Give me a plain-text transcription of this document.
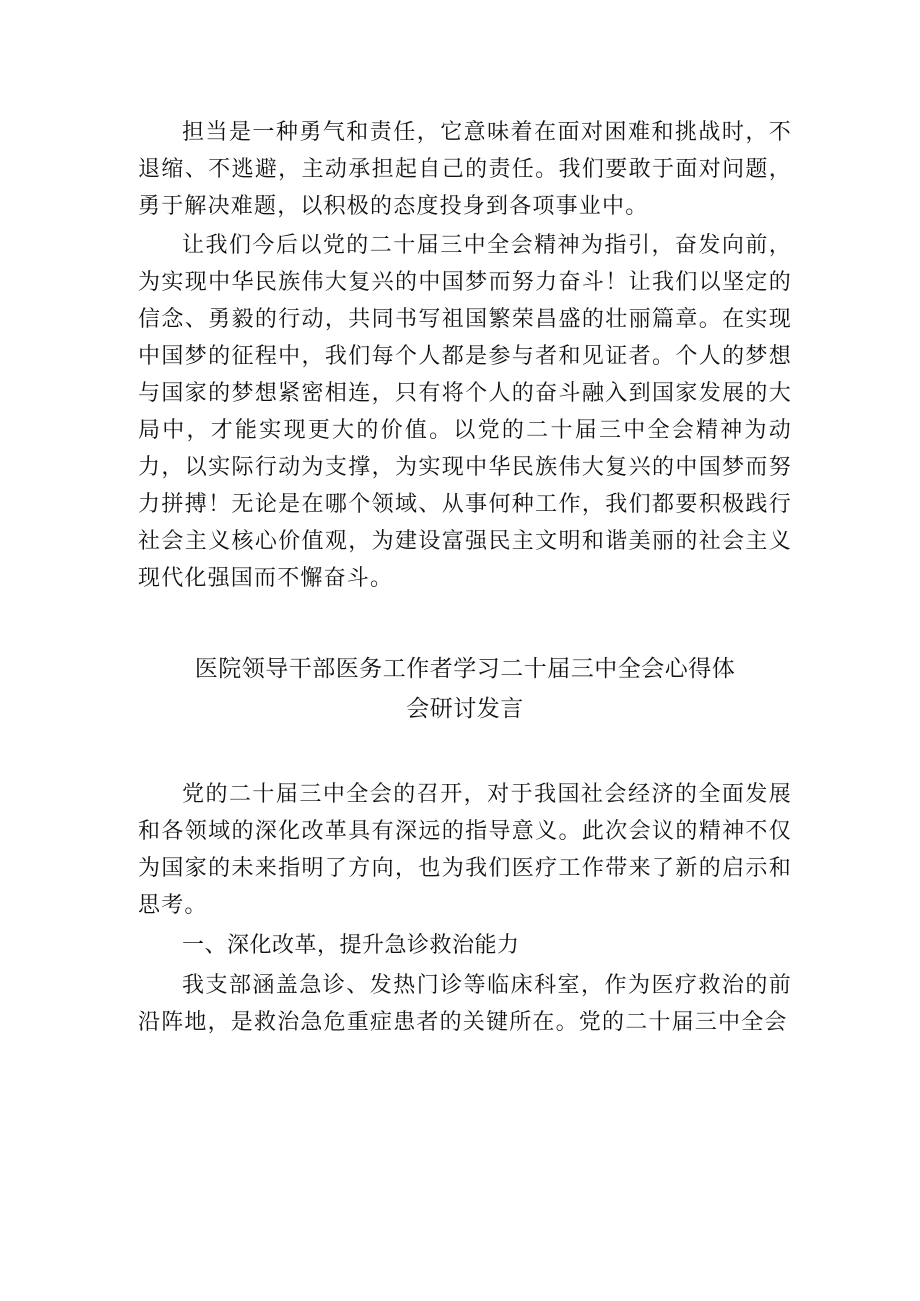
担当是一种勇气和责任，它意味着在面对困难和挑战时，不退缩、不逃避，主动承担起自己的责任。我们要敢于面对问题，勇于解决难题，以积极的态度投身到各项事业中。

让我们今后以党的二十届三中全会精神为指引，奋发向前，为实现中华民族伟大复兴的中国梦而努力奋斗！让我们以坚定的信念、勇毅的行动，共同书写祖国繁荣昌盛的壮丽篇章。在实现中国梦的征程中，我们每个人都是参与者和见证者。个人的梦想与国家的梦想紧密相连，只有将个人的奋斗融入到国家发展的大局中，才能实现更大的价值。以党的二十届三中全会精神为动力，以实际行动为支撑，为实现中华民族伟大复兴的中国梦而努力拼搏！无论是在哪个领域、从事何种工作，我们都要积极践行社会主义核心价值观，为建设富强民主文明和谐美丽的社会主义现代化强国而不懈奋斗。

医院领导干部医务工作者学习二十届三中全会心得体
会研讨发言

党的二十届三中全会的召开，对于我国社会经济的全面发展和各领域的深化改革具有深远的指导意义。此次会议的精神不仅为国家的未来指明了方向，也为我们医疗工作带来了新的启示和思考。

一、深化改革，提升急诊救治能力

我支部涵盖急诊、发热门诊等临床科室，作为医疗救治的前沿阵地，是救治急危重症患者的关键所在。党的二十届三中全会
